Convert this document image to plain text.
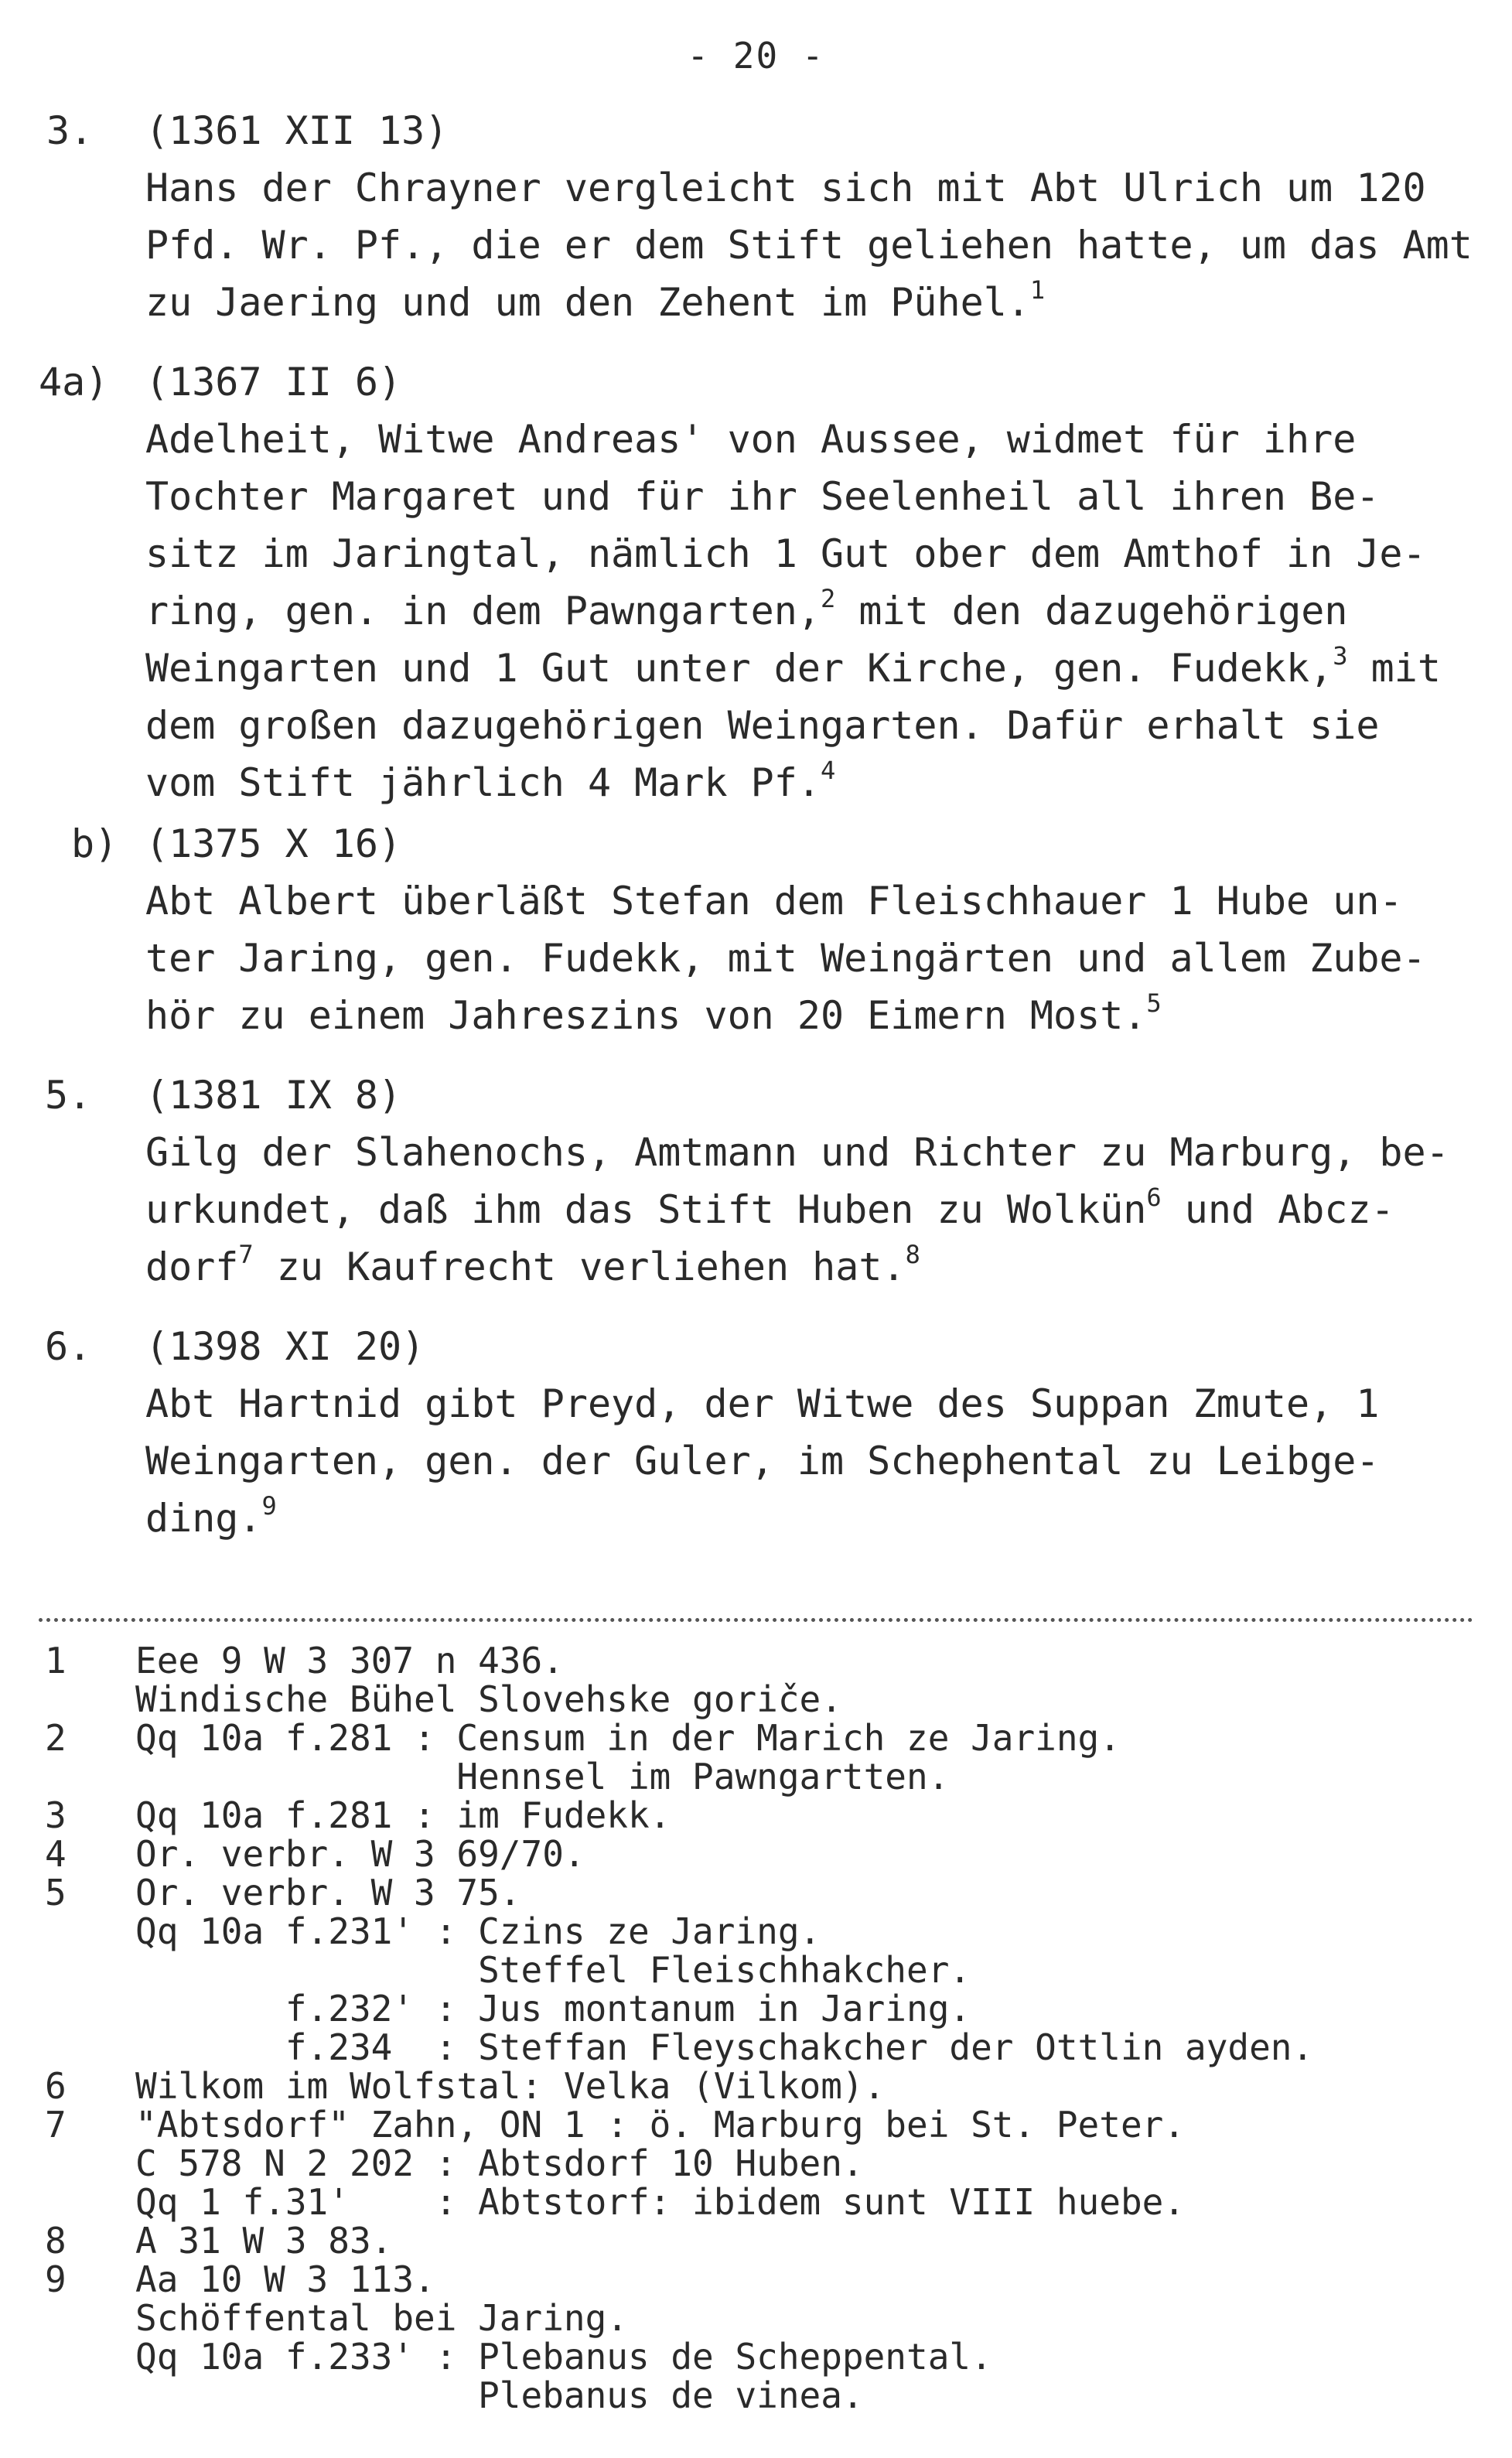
- 20 -
3. (1361 XII 13)
Hans der Chrayner vergleicht sich mit Abt Ulrich um 120
Pfd. Wr. Pf., die er dem Stift geliehen hatte, um das Amt
zu Jaering und um den Zehent im Pühel.$^1$
4a) (1367 II 6)
Adelheit, Witwe Andreas' von Aussee, widmet für ihre
Tochter Margaret und für ihr Seelenheil all ihren Be-
sitz im Jaringtal, nämlich 1 Gut ober dem Amthof in Je-
ring, gen. in dem Pawngarten,$^2$ mit den dazugehörigen
Weingarten und 1 Gut unter der Kirche, gen. Fudekk,$^3$ mit
dem großen dazugehörigen Weingarten. Dafür erhalt sie
vom Stift jährlich 4 Mark Pf.$^4$
b) (1375 X 16)
Abt Albert überläßt Stefan dem Fleischhauer 1 Hube un-
ter Jaring, gen. Fudekk, mit Weingärten und allem Zube-
hör zu einem Jahreszins von 20 Eimern Most.$^5$
5. (1381 IX 8)
Gilg der Slahenochs, Amtmann und Richter zu Marburg, be-
urkundet, daß ihm das Stift Huben zu Wolkün$^6$ und Abcz-
dorf$^7$ zu Kaufrecht verliehen hat.$^8$
6. (1398 XI 20)
Abt Hartnid gibt Preyd, der Witwe des Suppan Zmute, 1
Weingarten, gen. der Guler, im Schephental zu Leibge-
ding.$^9$
1 Eee 9 W 3 307 n 436.
Windische Bühel Slovehske goriče.
2 Qq 10a f.281 : Censum in der Marich ze Jaring.
Hennsel im Pawngartten.
3 Qq 10a f.281 : im Fudekk.
4 Or. verbr. W 3 69/70.
5 Or. verbr. W 3 75.
Qq 10a f.231' : Czins ze Jaring.
Steffel Fleischhakcher.
f.232' : Jus montanum in Jaring.
f.234  : Steffan Fleyschakcher der Ottlin ayden.
6 Wilkom im Wolfstal: Velka (Vilkom).
7 "Abtsdorf" Zahn, ON 1 : ö. Marburg bei St. Peter.
C 578 N 2 202 : Abtsdorf 10 Huben.
Qq 1 f.31'    : Abtstorf: ibidem sunt VIII huebe.
8 A 31 W 3 83.
9 Aa 10 W 3 113.
Schöffental bei Jaring.
Qq 10a f.233' : Plebanus de Scheppental.
Plebanus de vinea.
